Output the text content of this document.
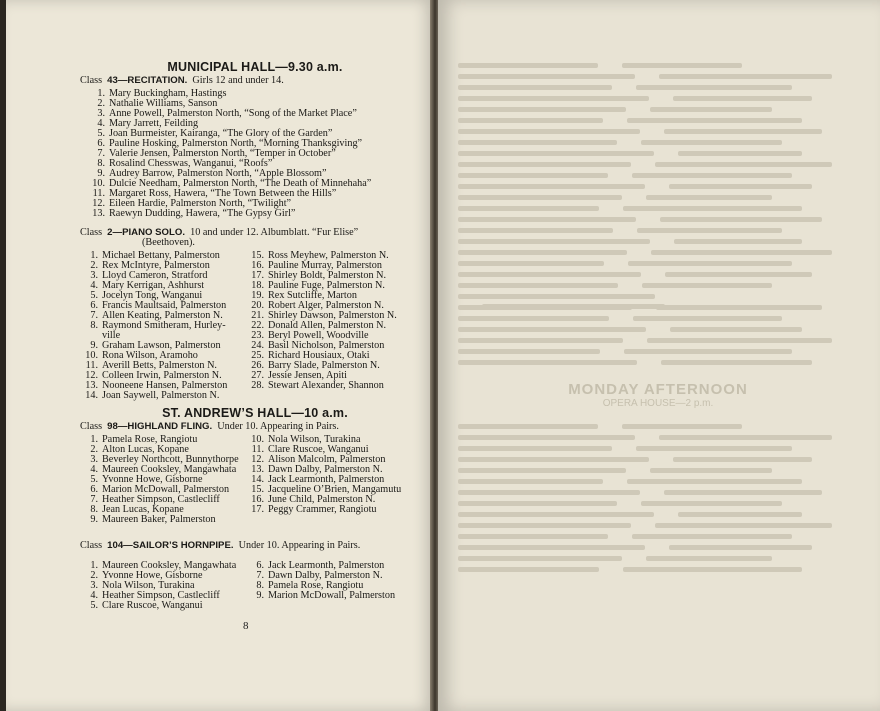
MUNICIPAL HALL—9.30 a.m.
Class 43—RECITATION. Girls 12 and under 14.
1. Mary Buckingham, Hastings
2. Nathalie Williams, Sanson
3. Anne Powell, Palmerston North, “Song of the Market Place”
4. Mary Jarrett, Feilding
5. Joan Burmeister, Kairanga, “The Glory of the Garden”
6. Pauline Hosking, Palmerston North, “Morning Thanksgiving”
7. Valerie Jensen, Palmerston North, “Temper in October”
8. Rosalind Chesswas, Wanganui, “Roofs”
9. Audrey Barrow, Palmerston North, “Apple Blossom”
10. Dulcie Needham, Palmerston North, “The Death of Minnehaha”
11. Margaret Ross, Hawera, “The Town Between the Hills”
12. Eileen Hardie, Palmerston North, “Twilight”
13. Raewyn Dudding, Hawera, “The Gypsy Girl”
Class 2—PIANO SOLO. 10 and under 12. Albumblatt. “Fur Elise”
(Beethoven).
1. Michael Bettany, Palmerston
2. Rex McIntyre, Palmerston
3. Lloyd Cameron, Stratford
4. Mary Kerrigan, Ashhurst
5. Jocelyn Tong, Wanganui
6. Francis Maultsaid, Palmerston
7. Allen Keating, Palmerston N.
8. Raymond Smitheram, Hurley-ville
9. Graham Lawson, Palmerston
10. Rona Wilson, Aramoho
11. Averill Betts, Palmerston N.
12. Colleen Irwin, Palmerston N.
13. Nooneene Hansen, Palmerston
14. Joan Saywell, Palmerston N.
15. Ross Meyhew, Palmerston N.
16. Pauline Murray, Palmerston
17. Shirley Boldt, Palmerston N.
18. Pauline Fuge, Palmerston N.
19. Rex Sutcliffe, Marton
20. Robert Alger, Palmerston N.
21. Shirley Dawson, Palmerston N.
22. Donald Allen, Palmerston N.
23. Beryl Powell, Woodville
24. Basil Nicholson, Palmerston
25. Richard Housiaux, Otaki
26. Barry Slade, Palmerston N.
27. Jessie Jensen, Apiti
28. Stewart Alexander, Shannon
ST. ANDREW’S HALL—10 a.m.
Class 98—HIGHLAND FLING. Under 10. Appearing in Pairs.
1. Pamela Rose, Rangiotu
2. Alton Lucas, Kopane
3. Beverley Northcott, Bunnythorpe
4. Maureen Cooksley, Mangawhata
5. Yvonne Howe, Gisborne
6. Marion McDowall, Palmerston
7. Heather Simpson, Castlecliff
8. Jean Lucas, Kopane
9. Maureen Baker, Palmerston
10. Nola Wilson, Turakina
11. Clare Ruscoe, Wanganui
12. Alison Malcolm, Palmerston
13. Dawn Dalby, Palmerston N.
14. Jack Learmonth, Palmerston
15. Jacqueline O’Brien, Mangamutu
16. June Child, Palmerston N.
17. Peggy Crammer, Rangiotu
Class 104—SAILOR’S HORNPIPE. Under 10. Appearing in Pairs.
1. Maureen Cooksley, Mangawhata
2. Yvonne Howe, Gisborne
3. Nola Wilson, Turakina
4. Heather Simpson, Castlecliff
5. Clare Ruscoe, Wanganui
6. Jack Learmonth, Palmerston
7. Dawn Dalby, Palmerston N.
8. Pamela Rose, Rangiotu
9. Marion McDowall, Palmerston
8
MONDAY AFTERNOON
OPERA HOUSE—2 p.m.
